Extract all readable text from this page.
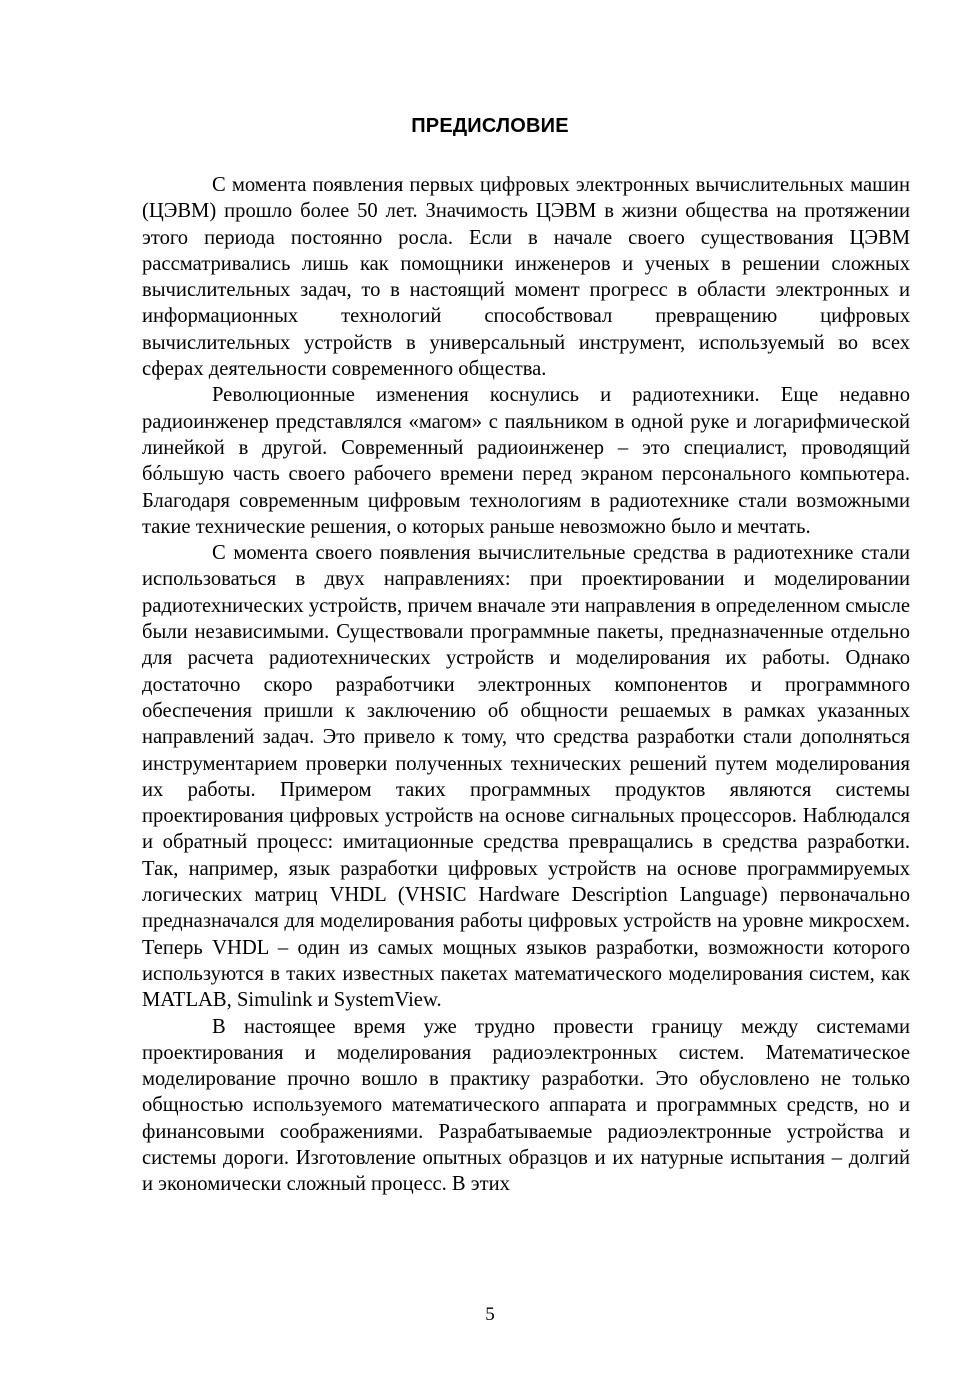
ПРЕДИСЛОВИЕ

С момента появления первых цифровых электронных вычислительных машин (ЦЭВМ) прошло более 50 лет. Значимость ЦЭВМ в жизни общества на протяжении этого периода постоянно росла. Если в начале своего существования ЦЭВМ рассматривались лишь как помощники инженеров и ученых в решении сложных вычислительных задач, то в настоящий момент прогресс в области электронных и информационных технологий способствовал превращению цифровых вычислительных устройств в универсальный инструмент, используемый во всех сферах деятельности современного общества.

Революционные изменения коснулись и радиотехники. Еще недавно радиоинженер представлялся «магом» с паяльником в одной руке и логарифмической линейкой в другой. Современный радиоинженер – это специалист, проводящий бóльшую часть своего рабочего времени перед экраном персонального компьютера. Благодаря современным цифровым технологиям в радиотехнике стали возможными такие технические решения, о которых раньше невозможно было и мечтать.

С момента своего появления вычислительные средства в радиотехнике стали использоваться в двух направлениях: при проектировании и моделировании радиотехнических устройств, причем вначале эти направления в определенном смысле были независимыми. Существовали программные пакеты, предназначенные отдельно для расчета радиотехнических устройств и моделирования их работы. Однако достаточно скоро разработчики электронных компонентов и программного обеспечения пришли к заключению об общности решаемых в рамках указанных направлений задач. Это привело к тому, что средства разработки стали дополняться инструментарием проверки полученных технических решений путем моделирования их работы. Примером таких программных продуктов являются системы проектирования цифровых устройств на основе сигнальных процессоров. Наблюдался и обратный процесс: имитационные средства превращались в средства разработки. Так, например, язык разработки цифровых устройств на основе программируемых логических матриц VHDL (VHSIC Hardware Description Language) первоначально предназначался для моделирования работы цифровых устройств на уровне микросхем. Теперь VHDL – один из самых мощных языков разработки, возможности которого используются в таких известных пакетах математического моделирования систем, как MATLAB, Simulink и SystemView.

В настоящее время уже трудно провести границу между системами проектирования и моделирования радиоэлектронных систем. Математическое моделирование прочно вошло в практику разработки. Это обусловлено не только общностью используемого математического аппарата и программных средств, но и финансовыми соображениями. Разрабатываемые радиоэлектронные устройства и системы дороги. Изготовление опытных образцов и их натурные испытания – долгий и экономически сложный процесс. В этих

5
